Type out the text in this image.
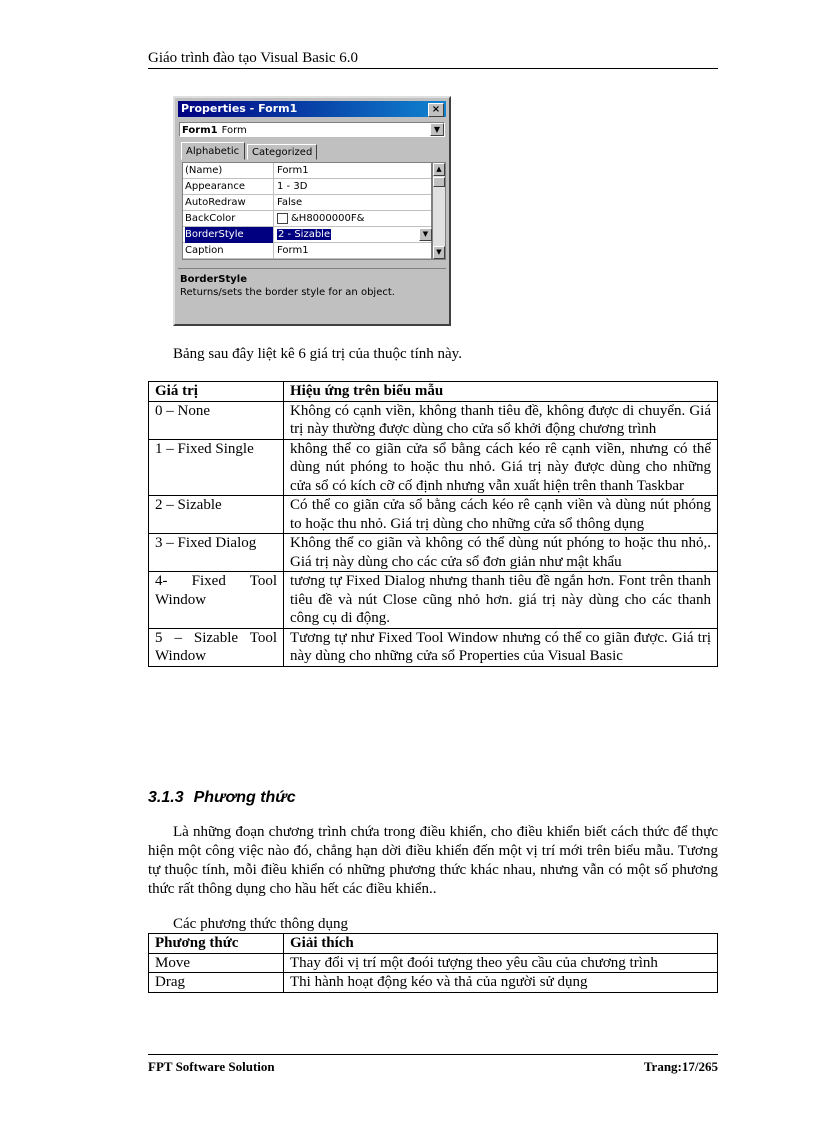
Giáo trình đào tạo Visual Basic 6.0
Properties - Form1	×
Form1 Form	▼
Alphabetic	Categorized
(Name)	Form1
Appearance	1 - 3D
AutoRedraw	False
BackColor	&H8000000F&
BorderStyle	2 - Sizable	▼
Caption	Form1
▲
▼
BorderStyle
Returns/sets the border style for an object.
Bảng sau đây liệt kê 6 giá trị của thuộc tính này.
Giá trị	Hiệu ứng trên biểu mẫu
0 – None	Không có cạnh viền, không thanh tiêu đề, không được di chuyển. Giá trị này thường được dùng cho cửa sổ khởi động chương trình
1 – Fixed Single	không thể co giãn cửa sổ bằng cách kéo rê cạnh viền, nhưng có thể dùng nút phóng to hoặc thu nhỏ. Giá trị này được dùng cho những cửa sổ có kích cỡ cố định nhưng vẫn xuất hiện trên thanh Taskbar
2 – Sizable	Có thể co giãn cửa sổ bằng cách kéo rê cạnh viền và dùng nút phóng to hoặc thu nhỏ. Giá trị dùng cho những cửa sổ thông dụng
3 – Fixed Dialog	Không thể co giãn và không có thể dùng nút phóng to hoặc thu nhỏ,. Giá trị này dùng cho các cửa sổ đơn giản như mật khẩu
4- Fixed Tool Window	tương tự Fixed Dialog nhưng thanh tiêu đề ngắn hơn. Font trên thanh tiêu đề và nút Close cũng nhỏ hơn. giá trị này dùng cho các thanh công cụ di động.
5 – Sizable Tool Window	Tương tự như Fixed Tool Window nhưng có thể co giãn được. Giá trị này dùng cho những cửa sổ Properties của Visual Basic
3.1.3 Phương thức
Là những đoạn chương trình chứa trong điều khiển, cho điều khiển biết cách thức để thực hiện một công việc nào đó, chẳng hạn dời điều khiển đến một vị trí mới trên biểu mẫu. Tương tự thuộc tính, mỗi điều khiển có những phương thức khác nhau, nhưng vẫn có một số phương thức rất thông dụng cho hầu hết các điều khiển..
Các phương thức thông dụng
Phương thức	Giải thích
Move	Thay đổi vị trí một đoói tượng theo yêu cầu của chương trình
Drag	Thi hành hoạt động kéo và thả của người sử dụng
FPT Software Solution	Trang:17/265
